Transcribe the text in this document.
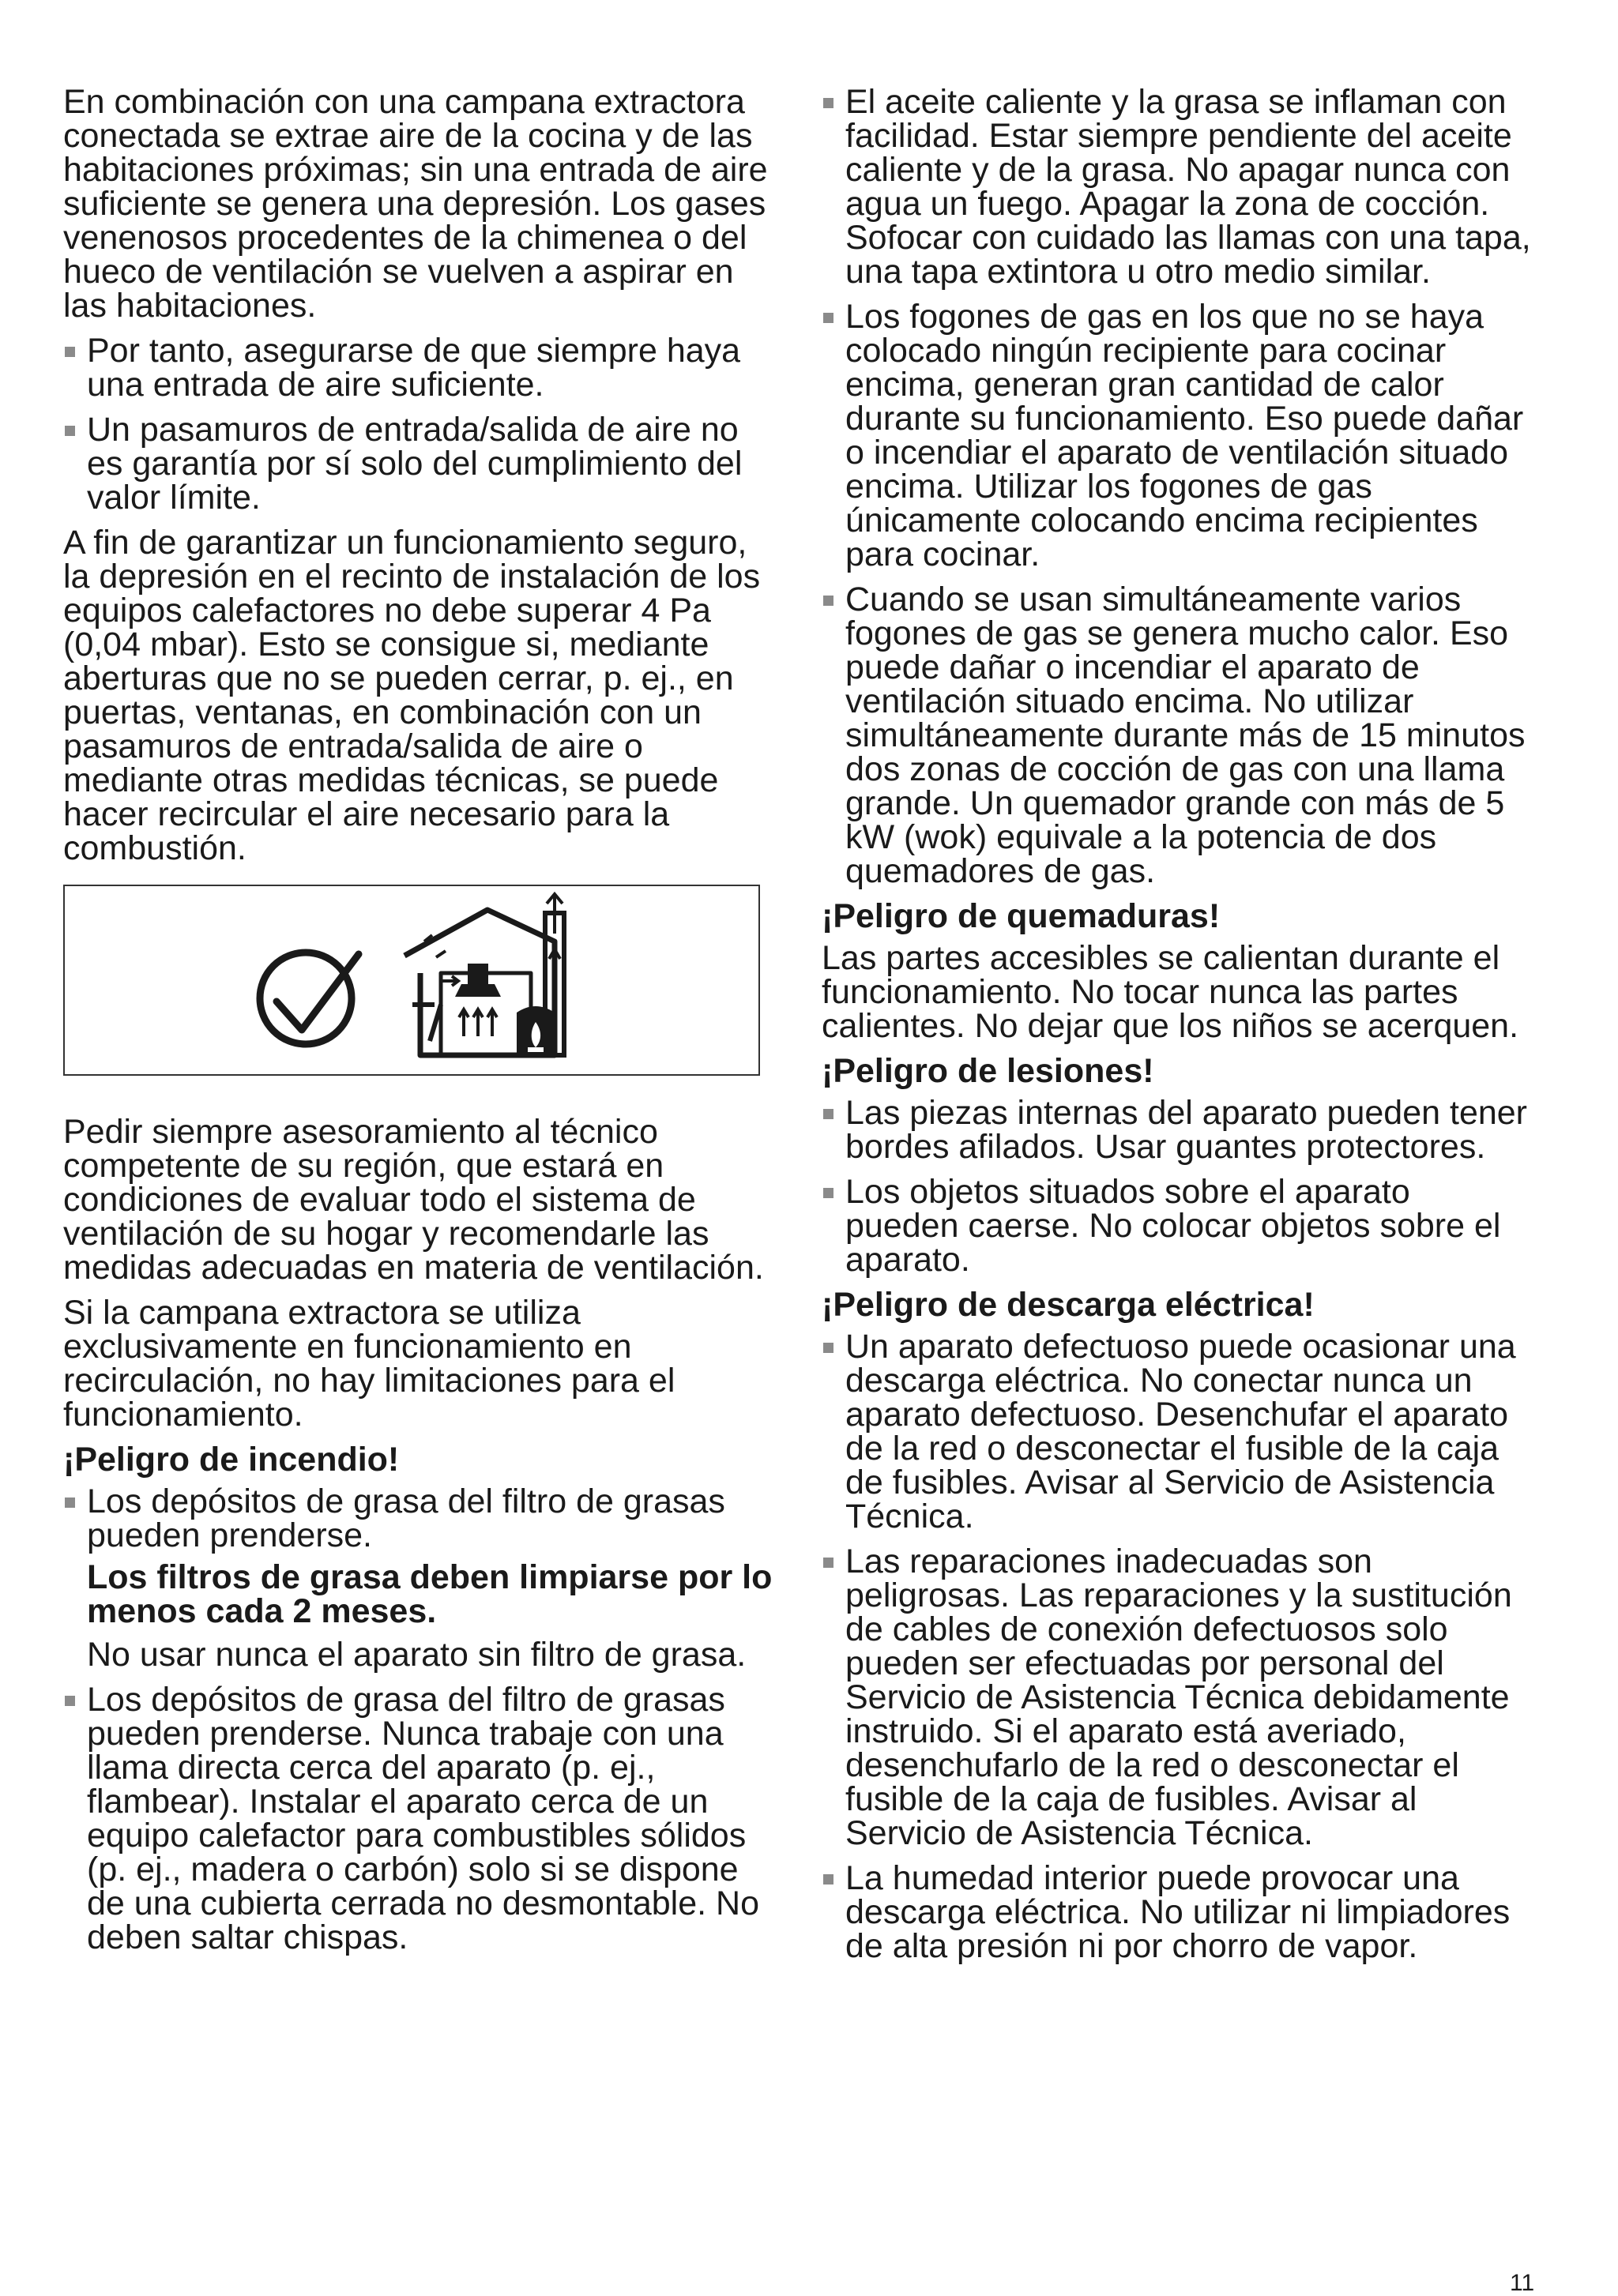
En combinación con una campana extractora conectada se extrae aire de la cocina y de las habitaciones próximas; sin una entrada de aire suficiente se genera una depresión. Los gases venenosos procedentes de la chimenea o del hueco de ventilación se vuelven a aspirar en las habitaciones.

Por tanto, asegurarse de que siempre haya una entrada de aire suficiente.
Un pasamuros de entrada/salida de aire no es garantía por sí solo del cumplimiento del valor límite.

A fin de garantizar un funcionamiento seguro, la depresión en el recinto de instalación de los equipos calefactores no debe superar 4 Pa (0,04 mbar). Esto se consigue si, mediante aberturas que no se pueden cerrar, p. ej., en puertas, ventanas, en combinación con un pasamuros de entrada/salida de aire o mediante otras medidas técnicas, se puede hacer recircular el aire necesario para la combustión.

Pedir siempre asesoramiento al técnico competente de su región, que estará en condiciones de evaluar todo el sistema de ventilación de su hogar y recomendarle las medidas adecuadas en materia de ventilación.

Si la campana extractora se utiliza exclusivamente en funcionamiento en recirculación, no hay limitaciones para el funcionamiento.

¡Peligro de incendio!
Los depósitos de grasa del filtro de grasas pueden prenderse.
Los filtros de grasa deben limpiarse por lo menos cada 2 meses.
No usar nunca el aparato sin filtro de grasa.
Los depósitos de grasa del filtro de grasas pueden prenderse. Nunca trabaje con una llama directa cerca del aparato (p. ej., flambear). Instalar el aparato cerca de un equipo calefactor para combustibles sólidos (p. ej., madera o carbón) solo si se dispone de una cubierta cerrada no desmontable. No deben saltar chispas.
El aceite caliente y la grasa se inflaman con facilidad. Estar siempre pendiente del aceite caliente y de la grasa. No apagar nunca con agua un fuego. Apagar la zona de cocción. Sofocar con cuidado las llamas con una tapa, una tapa extintora u otro medio similar.
Los fogones de gas en los que no se haya colocado ningún recipiente para cocinar encima, generan gran cantidad de calor durante su funcionamiento. Eso puede dañar o incendiar el aparato de ventilación situado encima. Utilizar los fogones de gas únicamente colocando encima recipientes para cocinar.
Cuando se usan simultáneamente varios fogones de gas se genera mucho calor. Eso puede dañar o incendiar el aparato de ventilación situado encima. No utilizar simultáneamente durante más de 15 minutos dos zonas de cocción de gas con una llama grande. Un quemador grande con más de 5 kW (wok) equivale a la potencia de dos quemadores de gas.
¡Peligro de quemaduras!

Las partes accesibles se calientan durante el funcionamiento. No tocar nunca las partes calientes. No dejar que los niños se acerquen.

¡Peligro de lesiones!
Las piezas internas del aparato pueden tener bordes afilados. Usar guantes protectores.
Los objetos situados sobre el aparato pueden caerse. No colocar objetos sobre el aparato.
¡Peligro de descarga eléctrica!
Un aparato defectuoso puede ocasionar una descarga eléctrica. No conectar nunca un aparato defectuoso. Desenchufar el aparato de la red o desconectar el fusible de la caja de fusibles. Avisar al Servicio de Asistencia Técnica.
Las reparaciones inadecuadas son peligrosas. Las reparaciones y la sustitución de cables de conexión defectuosos solo pueden ser efectuadas por personal del Servicio de Asistencia Técnica debidamente instruido. Si el aparato está averiado, desenchufarlo de la red o desconectar el fusible de la caja de fusibles. Avisar al Servicio de Asistencia Técnica.
La humedad interior puede provocar una descarga eléctrica. No utilizar ni limpiadores de alta presión ni por chorro de vapor.
11
